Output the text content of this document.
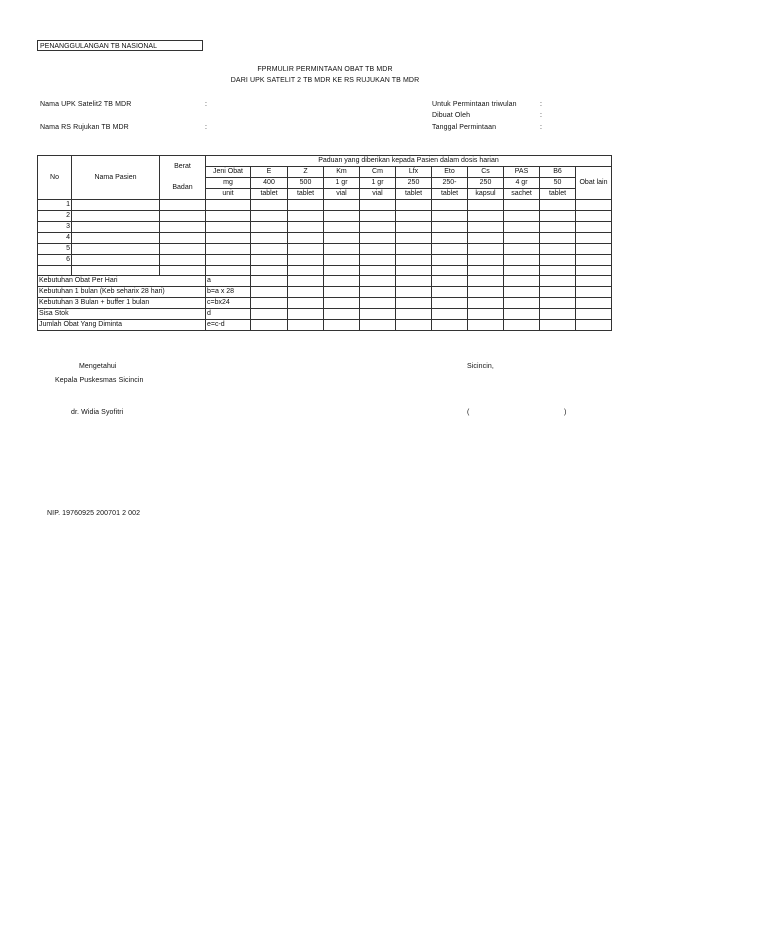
PENANGGULANGAN TB NASIONAL
FPRMULIR PERMINTAAN OBAT TB MDR
DARI UPK SATELIT 2 TB MDR KE RS RUJUKAN TB MDR
Nama UPK Satelit2 TB MDR	:
Nama RS Rujukan TB MDR	:
Untuk Permintaan triwulan	:
Dibuat Oleh	:
Tanggal Permintaan	:
No	Nama Pasien	Berat	Paduan yang diberikan kepada Pasien dalam dosis harian										
			Jeni Obat	E	Z	Km	Cm	Lfx	Eto	Cs	PAS	B6	Obat lain
		Badan	mg	400	500	1 gr	1 gr	250	250-	250	4 gr	50	
			unit	tablet	tablet	vial	vial	tablet	tablet	kapsul	sachet	tablet	
1													
2													
3													
4													
5													
6													

Kebutuhan Obat Per Hari			a										
Kebutuhan 1 bulan (Keb seharix 28 hari)			b=a x 28										
Kebutuhan 3 Bulan + buffer 1 bulan			c=bx24										
Sisa Stok			d										
Jumlah Obat Yang Diminta			e=c-d										
Mengetahui
Kepala Puskesmas Sicincin
Sicincin,
dr. Widia Syofitri	(	)
NIP. 19760925 200701 2 002
